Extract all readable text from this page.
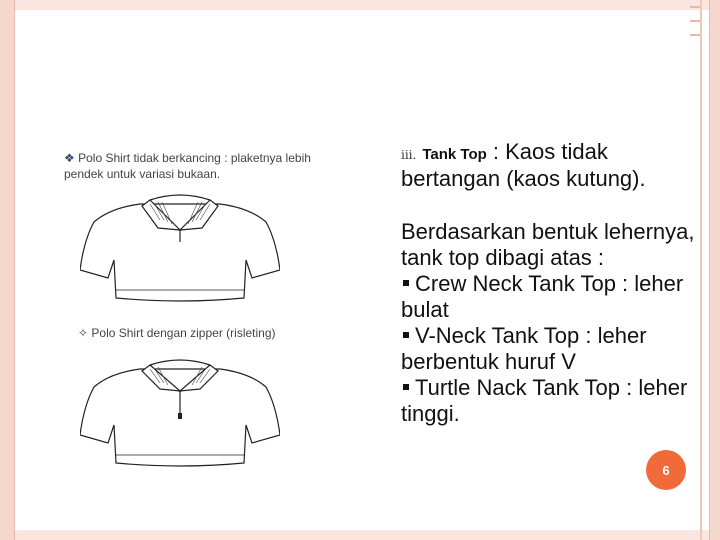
❖ Polo Shirt tidak berkancing : plaketnya lebih pendek untuk variasi bukaan.
✧ Polo Shirt dengan zipper (risleting)
iii. Tank Top : Kaos tidak bertangan (kaos kutung).
Berdasarkan bentuk lehernya, tank top dibagi atas :
Crew Neck Tank Top : leher bulat
V-Neck Tank Top : leher berbentuk huruf V
Turtle Nack Tank Top : leher tinggi.
6
